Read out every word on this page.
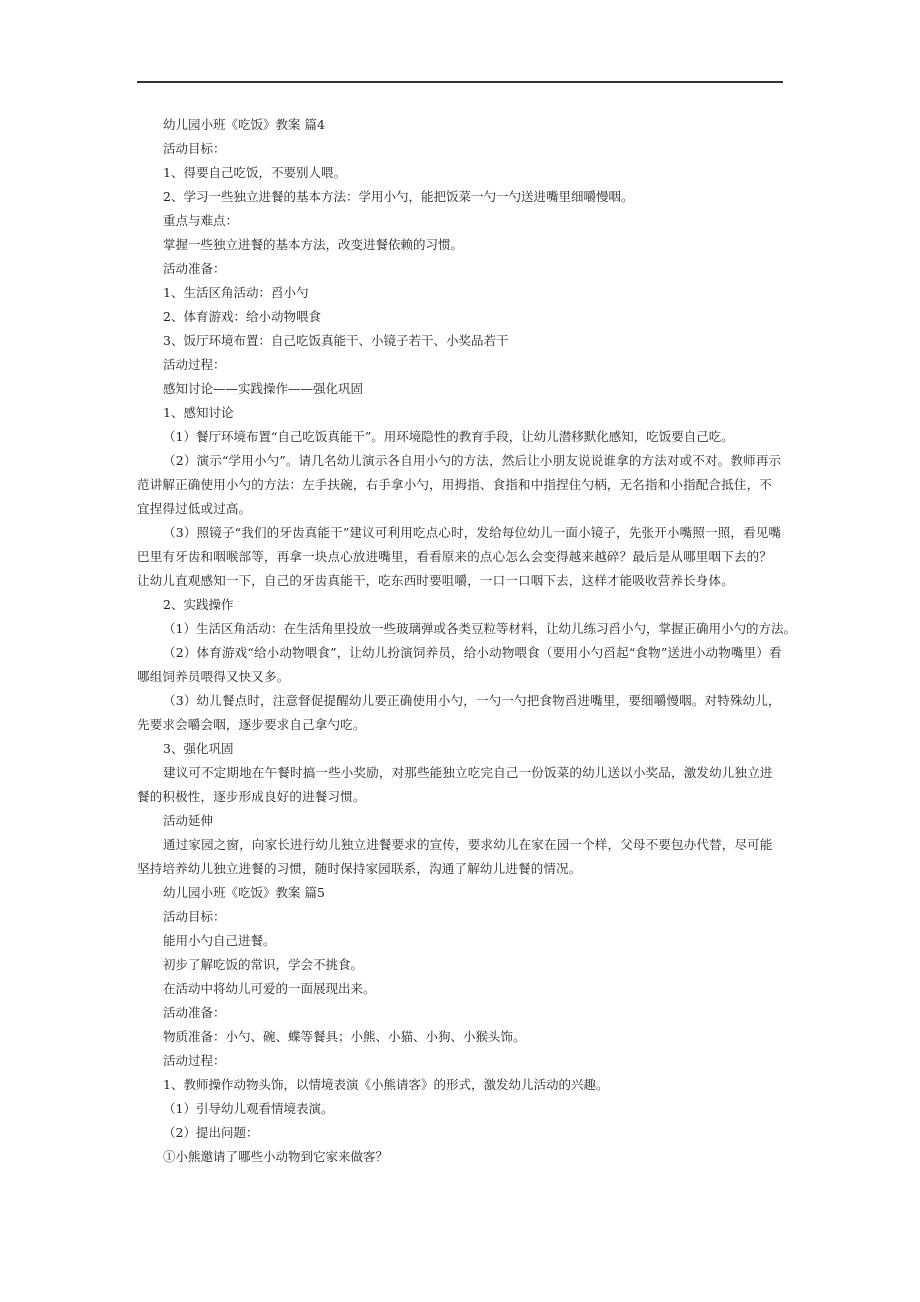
幼儿园小班《吃饭》教案 篇4

活动目标：

1、得要自己吃饭，不要别人喂。

2、学习一些独立进餐的基本方法：学用小勺，能把饭菜一勺一勺送进嘴里细嚼慢咽。

重点与难点：

掌握一些独立进餐的基本方法，改变进餐依赖的习惯。

活动准备：

1、生活区角活动：舀小勺

2、体育游戏：给小动物喂食

3、饭厅环境布置：自己吃饭真能干、小镜子若干、小奖品若干

活动过程：

感知讨论——实践操作——强化巩固

1、感知讨论

（1）餐厅环境布置“自己吃饭真能干”。用环境隐性的教育手段，让幼儿潜移默化感知，吃饭要自己吃。

（2）演示“学用小勺”。请几名幼儿演示各自用小勺的方法，然后让小朋友说说谁拿的方法对或不对。教师再示范讲解正确使用小勺的方法：左手扶碗，右手拿小勺，用拇指、食指和中指捏住勺柄，无名指和小指配合抵住，不宜捏得过低或过高。

（3）照镜子“我们的牙齿真能干”建议可利用吃点心时，发给每位幼儿一面小镜子，先张开小嘴照一照，看见嘴巴里有牙齿和咽喉部等，再拿一块点心放进嘴里，看看原来的点心怎么会变得越来越碎？最后是从哪里咽下去的？让幼儿直观感知一下，自己的牙齿真能干，吃东西时要咀嚼，一口一口咽下去，这样才能吸收营养长身体。

2、实践操作

（1）生活区角活动：在生活角里投放一些玻璃弹或各类豆粒等材料，让幼儿练习舀小勺，掌握正确用小勺的方法。

（2）体育游戏“给小动物喂食”，让幼儿扮演饲养员，给小动物喂食（要用小勺舀起“食物”送进小动物嘴里）看哪组饲养员喂得又快又多。

（3）幼儿餐点时，注意督促提醒幼儿要正确使用小勺，一勺一勺把食物舀进嘴里，要细嚼慢咽。对特殊幼儿，先要求会嚼会咽，逐步要求自己拿勺吃。

3、强化巩固

建议可不定期地在午餐时搞一些小奖励，对那些能独立吃完自己一份饭菜的幼儿送以小奖品，激发幼儿独立进餐的积极性，逐步形成良好的进餐习惯。

活动延伸

通过家园之窗，向家长进行幼儿独立进餐要求的宣传，要求幼儿在家在园一个样，父母不要包办代替，尽可能坚持培养幼儿独立进餐的习惯，随时保持家园联系，沟通了解幼儿进餐的情况。

幼儿园小班《吃饭》教案 篇5

活动目标：

能用小勺自己进餐。

初步了解吃饭的常识，学会不挑食。

在活动中将幼儿可爱的一面展现出来。

活动准备：

物质准备：小勺、碗、蝶等餐具；小熊、小猫、小狗、小猴头饰。

活动过程：

1、教师操作动物头饰，以情境表演《小熊请客》的形式，激发幼儿活动的兴趣。

（1）引导幼儿观看情境表演。

（2）提出问题：

①小熊邀请了哪些小动物到它家来做客？
